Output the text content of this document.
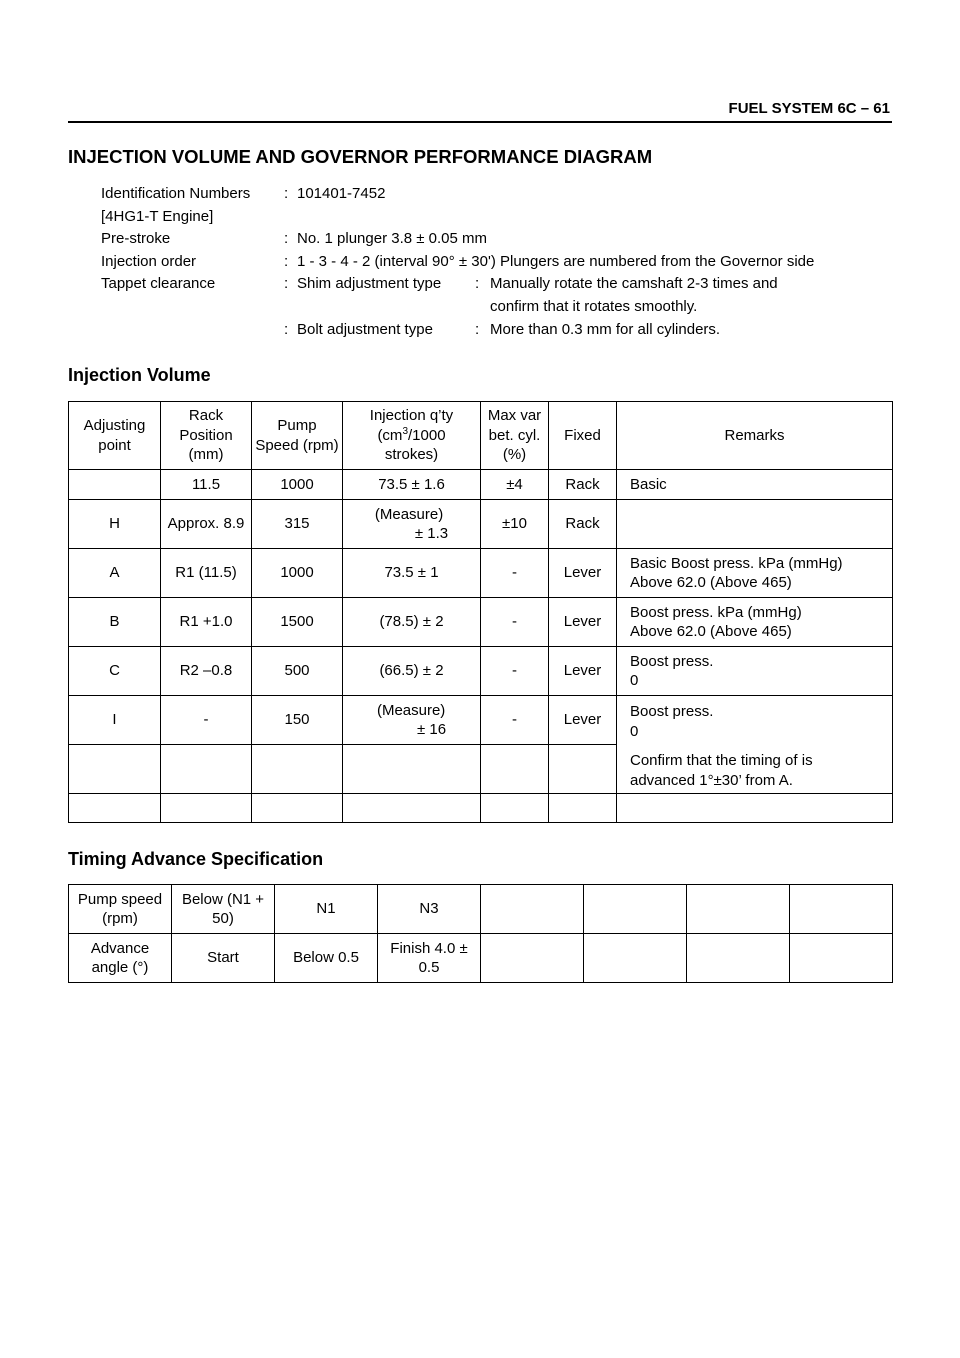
FUEL SYSTEM 6C – 61
INJECTION VOLUME AND GOVERNOR PERFORMANCE DIAGRAM
Identification Numbers : 101401-7452
[4HG1-T Engine]
Pre-stroke	: No. 1 plunger 3.8 ± 0.05 mm
Injection order	: 1 - 3 - 4 - 2 (interval 90° ± 30') Plungers are numbered from the Governor side
Tappet clearance	: Shim adjustment type : Manually rotate the camshaft 2-3 times and
confirm that it rotates smoothly.
: Bolt adjustment type	: More than 0.3 mm for all cylinders.
Injection Volume
Adjusting point	Rack Position (mm)	Pump Speed (rpm)	Injection q’ty
($cm^3/1000$
strokes)	Max var bet. cyl. (%)	Fixed	Remarks
	11.5	1000	73.5 ± 1.6	±4	Rack	Basic
H	Approx. 8.9	315	(Measure)
± 1.3	±10	Rack	
A	R1 (11.5)	1000	73.5 ± 1	-	Lever	Basic Boost press. kPa (mmHg)
Above 62.0 (Above 465)
B	R1 +1.0	1500	(78.5) ± 2	-	Lever	Boost press. kPa (mmHg)
Above 62.0 (Above 465)
C	R2 –0.8	500	(66.5) ± 2	-	Lever	Boost press.
0
I	-	150	(Measure)
± 16	-	Lever	Boost press.
0
Confirm that the timing of is
advanced 1°±30’ from A.

Timing Advance Specification
Pump speed (rpm)	Below (N1 + 50)	N1	N3				
Advance angle (°)	Start	Below 0.5	Finish 4.0 ± 0.5				
